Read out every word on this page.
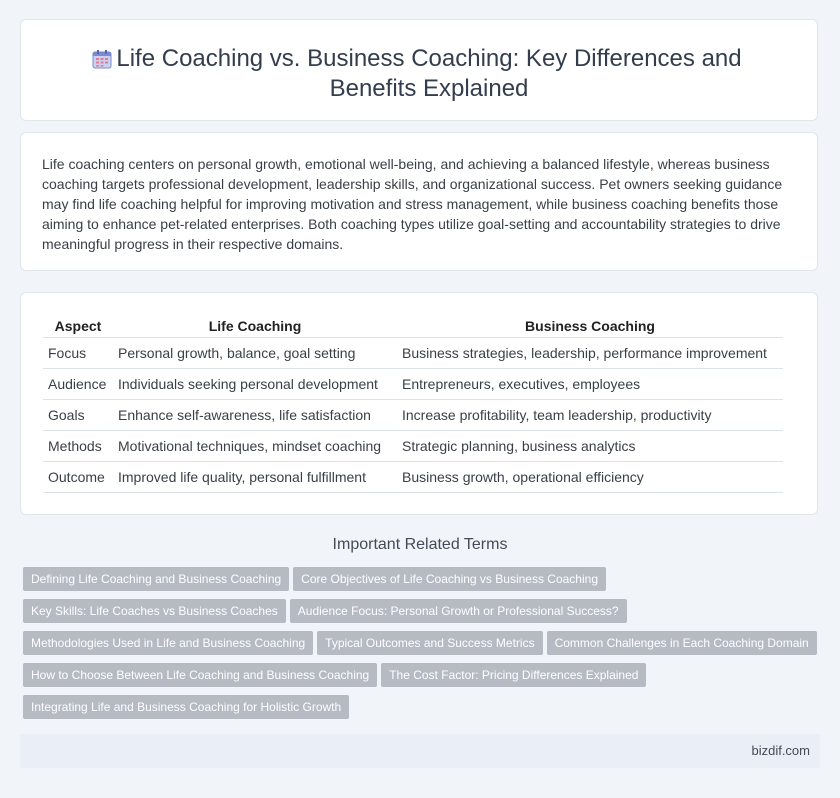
Life Coaching vs. Business Coaching: Key Differences and Benefits Explained

Life coaching centers on personal growth, emotional well-being, and achieving a balanced lifestyle, whereas business coaching targets professional development, leadership skills, and organizational success. Pet owners seeking guidance may find life coaching helpful for improving motivation and stress management, while business coaching benefits those aiming to enhance pet-related enterprises. Both coaching types utilize goal-setting and accountability strategies to drive meaningful progress in their respective domains.

Aspect	Life Coaching	Business Coaching
Focus	Personal growth, balance, goal setting	Business strategies, leadership, performance improvement
Audience	Individuals seeking personal development	Entrepreneurs, executives, employees
Goals	Enhance self-awareness, life satisfaction	Increase profitability, team leadership, productivity
Methods	Motivational techniques, mindset coaching	Strategic planning, business analytics
Outcome	Improved life quality, personal fulfillment	Business growth, operational efficiency
Important Related Terms
Defining Life Coaching and Business Coaching Core Objectives of Life Coaching vs Business Coaching
Key Skills: Life Coaches vs Business Coaches Audience Focus: Personal Growth or Professional Success?
Methodologies Used in Life and Business Coaching Typical Outcomes and Success Metrics Common Challenges in Each Coaching Domain
How to Choose Between Life Coaching and Business Coaching The Cost Factor: Pricing Differences Explained
Integrating Life and Business Coaching for Holistic Growth
bizdif.com
